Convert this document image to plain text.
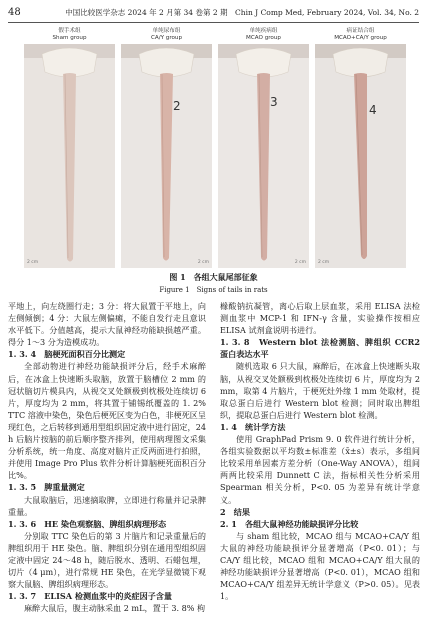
48	中国比较医学杂志 2024 年 2 月第 34 卷第 2 期　Chin J Comp Med, February 2024, Vol. 34, No. 2
假手术组
Sham group
2 cm
单纯尿布组
CA/Y group
2
2 cm
单纯疾病组
MCAO group
3
2 cm
病证结合组
MCAO+CA/Y group
4
2 cm
图 1　各组大鼠尾部征象
Figure 1　Signs of tails in rats

平地上，向左绕圈行走；3 分：将大鼠置于平地上，向左侧倾倒；4 分：大鼠左侧偏瘫，不能自发行走且意识水平低下。分值越高，提示大鼠神经功能缺损越严重。得分 1～3 分为造模成功。

1. 3. 4　脑梗死面积百分比测定

全部动物进行神经功能缺损评分后，经手术麻醉后，在冰盒上快速断头取脑，放置于脑槽位 2 mm 的冠状脑切片模具内，从视交叉处额极到枕极处连续切 6 片，厚度均为 2 mm，将其置于铺锡纸覆盖的 1. 2% TTC 溶液中染色，染色后梗死区变为白色，非梗死区呈现红色，之后转移到通用型组织固定液中进行固定，24 h 后脑片按脑的前后顺序整齐排列，使用病理图文采集分析系统，统一角度、高度对脑片正反两面进行拍照，并使用 Image Pro Plus 软件分析计算脑梗死面积百分比%。

1. 3. 5　脾重量测定

大鼠取脑后，迅速摘取脾，立即进行称量并记录脾重量。

1. 3. 6　HE 染色观察脑、脾组织病理形态

分别取 TTC 染色后的第 3 片脑片和记录重量后的脾组织用于 HE 染色。脑、脾组织分别在通用型组织固定液中固定 24～48 h，随后脱水、透明、石蜡包埋，切片（4 μm），进行常规 HE 染色，在光学显微镜下观察大鼠脑、脾组织病理形态。

1. 3. 7　ELISA 检测血浆中的炎症因子含量

麻醉大鼠后，腹主动脉采血 2 mL，置于 3. 8% 枸

橼酸钠抗凝管，离心后取上层血浆，采用 ELISA 法检测血浆中 MCP-1 和 IFN-γ 含量，实验操作按相应 ELISA 试剂盒说明书进行。

1. 3. 8　Western blot 法检测脑、脾组织 CCR2 蛋白表达水平

随机选取 6 只大鼠，麻醉后，在冰盒上快速断头取脑，从视交叉处额极到枕极处连续切 6 片，厚度均为 2 mm，取第 4 片脑片，于梗死灶外缘 1 mm 处取材，提取总蛋白后进行 Western blot 检测；同时取出脾组织，提取总蛋白后进行 Western blot 检测。

1. 4　统计学方法

使用 GraphPad Prism 9. 0 软件进行统计分析，各组实验数据以平均数±标准差（x̄±s）表示，多组间比较采用单因素方差分析（One-Way ANOVA），组间两两比较采用 Dunnett C 法，指标相关性分析采用 Spearman 相关分析，P<0. 05 为差异有统计学意义。

2　结果

2. 1　各组大鼠神经功能缺损评分比较

与 sham 组比较，MCAO 组与 MCAO+CA/Y 组大鼠的神经功能缺损评分显著增高（P<0. 01）；与 CA/Y 组比较，MCAO 组和 MCAO+CA/Y 组大鼠的神经功能缺损评分显著增高（P<0. 01），MCAO 组和 MCAO+CA/Y 组差异无统计学意义（P>0. 05）。见表 1。
